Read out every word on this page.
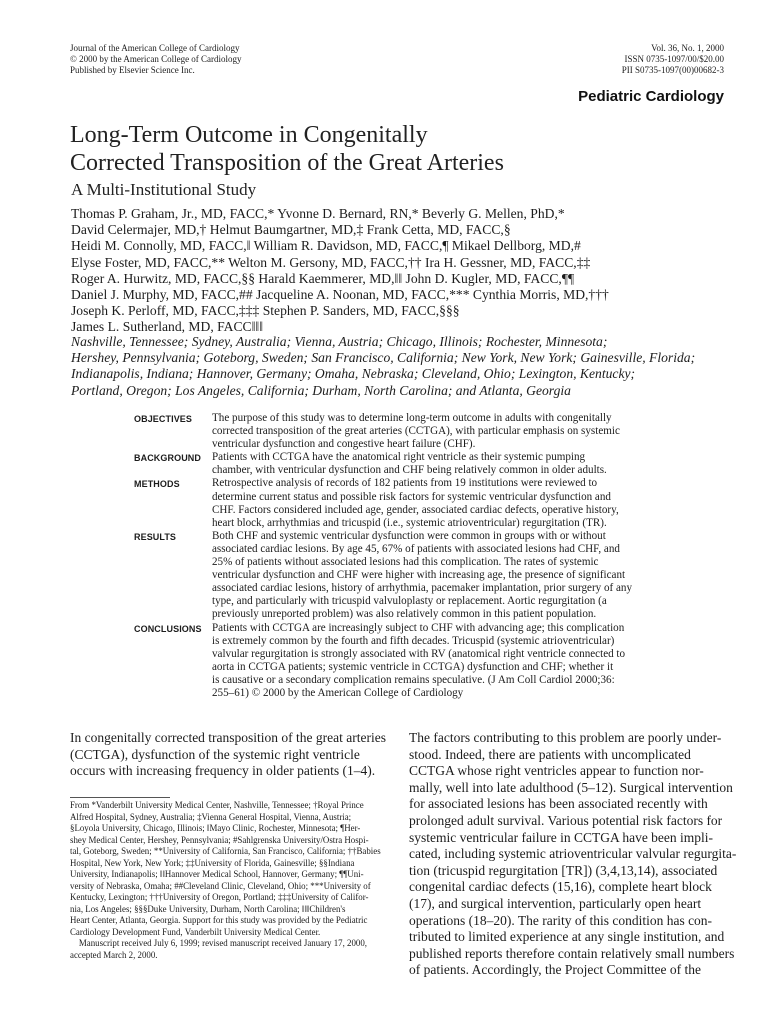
Journal of the American College of Cardiology
© 2000 by the American College of Cardiology
Published by Elsevier Science Inc.
Vol. 36, No. 1, 2000
ISSN 0735-1097/00/$20.00
PII S0735-1097(00)00682-3
Pediatric Cardiology
Long-Term Outcome in Congenitally
Corrected Transposition of the Great Arteries
A Multi-Institutional Study
Thomas P. Graham, Jr., MD, FACC,* Yvonne D. Bernard, RN,* Beverly G. Mellen, PhD,*
David Celermajer, MD,† Helmut Baumgartner, MD,‡ Frank Cetta, MD, FACC,§
Heidi M. Connolly, MD, FACC,‖ William R. Davidson, MD, FACC,¶ Mikael Dellborg, MD,#
Elyse Foster, MD, FACC,** Welton M. Gersony, MD, FACC,†† Ira H. Gessner, MD, FACC,‡‡
Roger A. Hurwitz, MD, FACC,§§ Harald Kaemmerer, MD,‖‖ John D. Kugler, MD, FACC,¶¶
Daniel J. Murphy, MD, FACC,## Jacqueline A. Noonan, MD, FACC,*** Cynthia Morris, MD,†††
Joseph K. Perloff, MD, FACC,‡‡‡ Stephen P. Sanders, MD, FACC,§§§
James L. Sutherland, MD, FACC‖‖‖
Nashville, Tennessee; Sydney, Australia; Vienna, Austria; Chicago, Illinois; Rochester, Minnesota;
Hershey, Pennsylvania; Goteborg, Sweden; San Francisco, California; New York, New York; Gainesville, Florida;
Indianapolis, Indiana; Hannover, Germany; Omaha, Nebraska; Cleveland, Ohio; Lexington, Kentucky;
Portland, Oregon; Los Angeles, California; Durham, North Carolina; and Atlanta, Georgia
OBJECTIVES	The purpose of this study was to determine long-term outcome in adults with congenitally
corrected transposition of the great arteries (CCTGA), with particular emphasis on systemic
ventricular dysfunction and congestive heart failure (CHF).
BACKGROUND Patients with CCTGA have the anatomical right ventricle as their systemic pumping
chamber, with ventricular dysfunction and CHF being relatively common in older adults.
METHODS	Retrospective analysis of records of 182 patients from 19 institutions were reviewed to
determine current status and possible risk factors for systemic ventricular dysfunction and
CHF. Factors considered included age, gender, associated cardiac defects, operative history,
heart block, arrhythmias and tricuspid (i.e., systemic atrioventricular) regurgitation (TR).
RESULTS	Both CHF and systemic ventricular dysfunction were common in groups with or without
associated cardiac lesions. By age 45, 67% of patients with associated lesions had CHF, and
25% of patients without associated lesions had this complication. The rates of systemic
ventricular dysfunction and CHF were higher with increasing age, the presence of significant
associated cardiac lesions, history of arrhythmia, pacemaker implantation, prior surgery of any
type, and particularly with tricuspid valvuloplasty or replacement. Aortic regurgitation (a
previously unreported problem) was also relatively common in this patient population.
CONCLUSIONS Patients with CCTGA are increasingly subject to CHF with advancing age; this complication
is extremely common by the fourth and fifth decades. Tricuspid (systemic atrioventricular)
valvular regurgitation is strongly associated with RV (anatomical right ventricle connected to
aorta in CCTGA patients; systemic ventricle in CCTGA) dysfunction and CHF; whether it
is causative or a secondary complication remains speculative. (J Am Coll Cardiol 2000;36:
255–61) © 2000 by the American College of Cardiology
In congenitally corrected transposition of the great arteries
(CCTGA), dysfunction of the systemic right ventricle
occurs with increasing frequency in older patients (1–4).
From *Vanderbilt University Medical Center, Nashville, Tennessee; †Royal Prince
Alfred Hospital, Sydney, Australia; ‡Vienna General Hospital, Vienna, Austria;
§Loyola University, Chicago, Illinois; ‖Mayo Clinic, Rochester, Minnesota; ¶Her-
shey Medical Center, Hershey, Pennsylvania; #Sahlgrenska University/Ostra Hospi-
tal, Goteborg, Sweden; **University of California, San Francisco, California; ††Babies
Hospital, New York, New York; ‡‡University of Florida, Gainesville; §§Indiana
University, Indianapolis; ‖‖Hannover Medical School, Hannover, Germany; ¶¶Uni-
versity of Nebraska, Omaha; ##Cleveland Clinic, Cleveland, Ohio; ***University of
Kentucky, Lexington; †††University of Oregon, Portland; ‡‡‡University of Califor-
nia, Los Angeles; §§§Duke University, Durham, North Carolina; ‖‖‖Children's
Heart Center, Atlanta, Georgia. Support for this study was provided by the Pediatric
Cardiology Development Fund, Vanderbilt University Medical Center.
Manuscript received July 6, 1999; revised manuscript received January 17, 2000,
accepted March 2, 2000.
The factors contributing to this problem are poorly under-
stood. Indeed, there are patients with uncomplicated
CCTGA whose right ventricles appear to function nor-
mally, well into late adulthood (5–12). Surgical intervention
for associated lesions has been associated recently with
prolonged adult survival. Various potential risk factors for
systemic ventricular failure in CCTGA have been impli-
cated, including systemic atrioventricular valvular regurgita-
tion (tricuspid regurgitation [TR]) (3,4,13,14), associated
congenital cardiac defects (15,16), complete heart block
(17), and surgical intervention, particularly open heart
operations (18–20). The rarity of this condition has con-
tributed to limited experience at any single institution, and
published reports therefore contain relatively small numbers
of patients. Accordingly, the Project Committee of the
